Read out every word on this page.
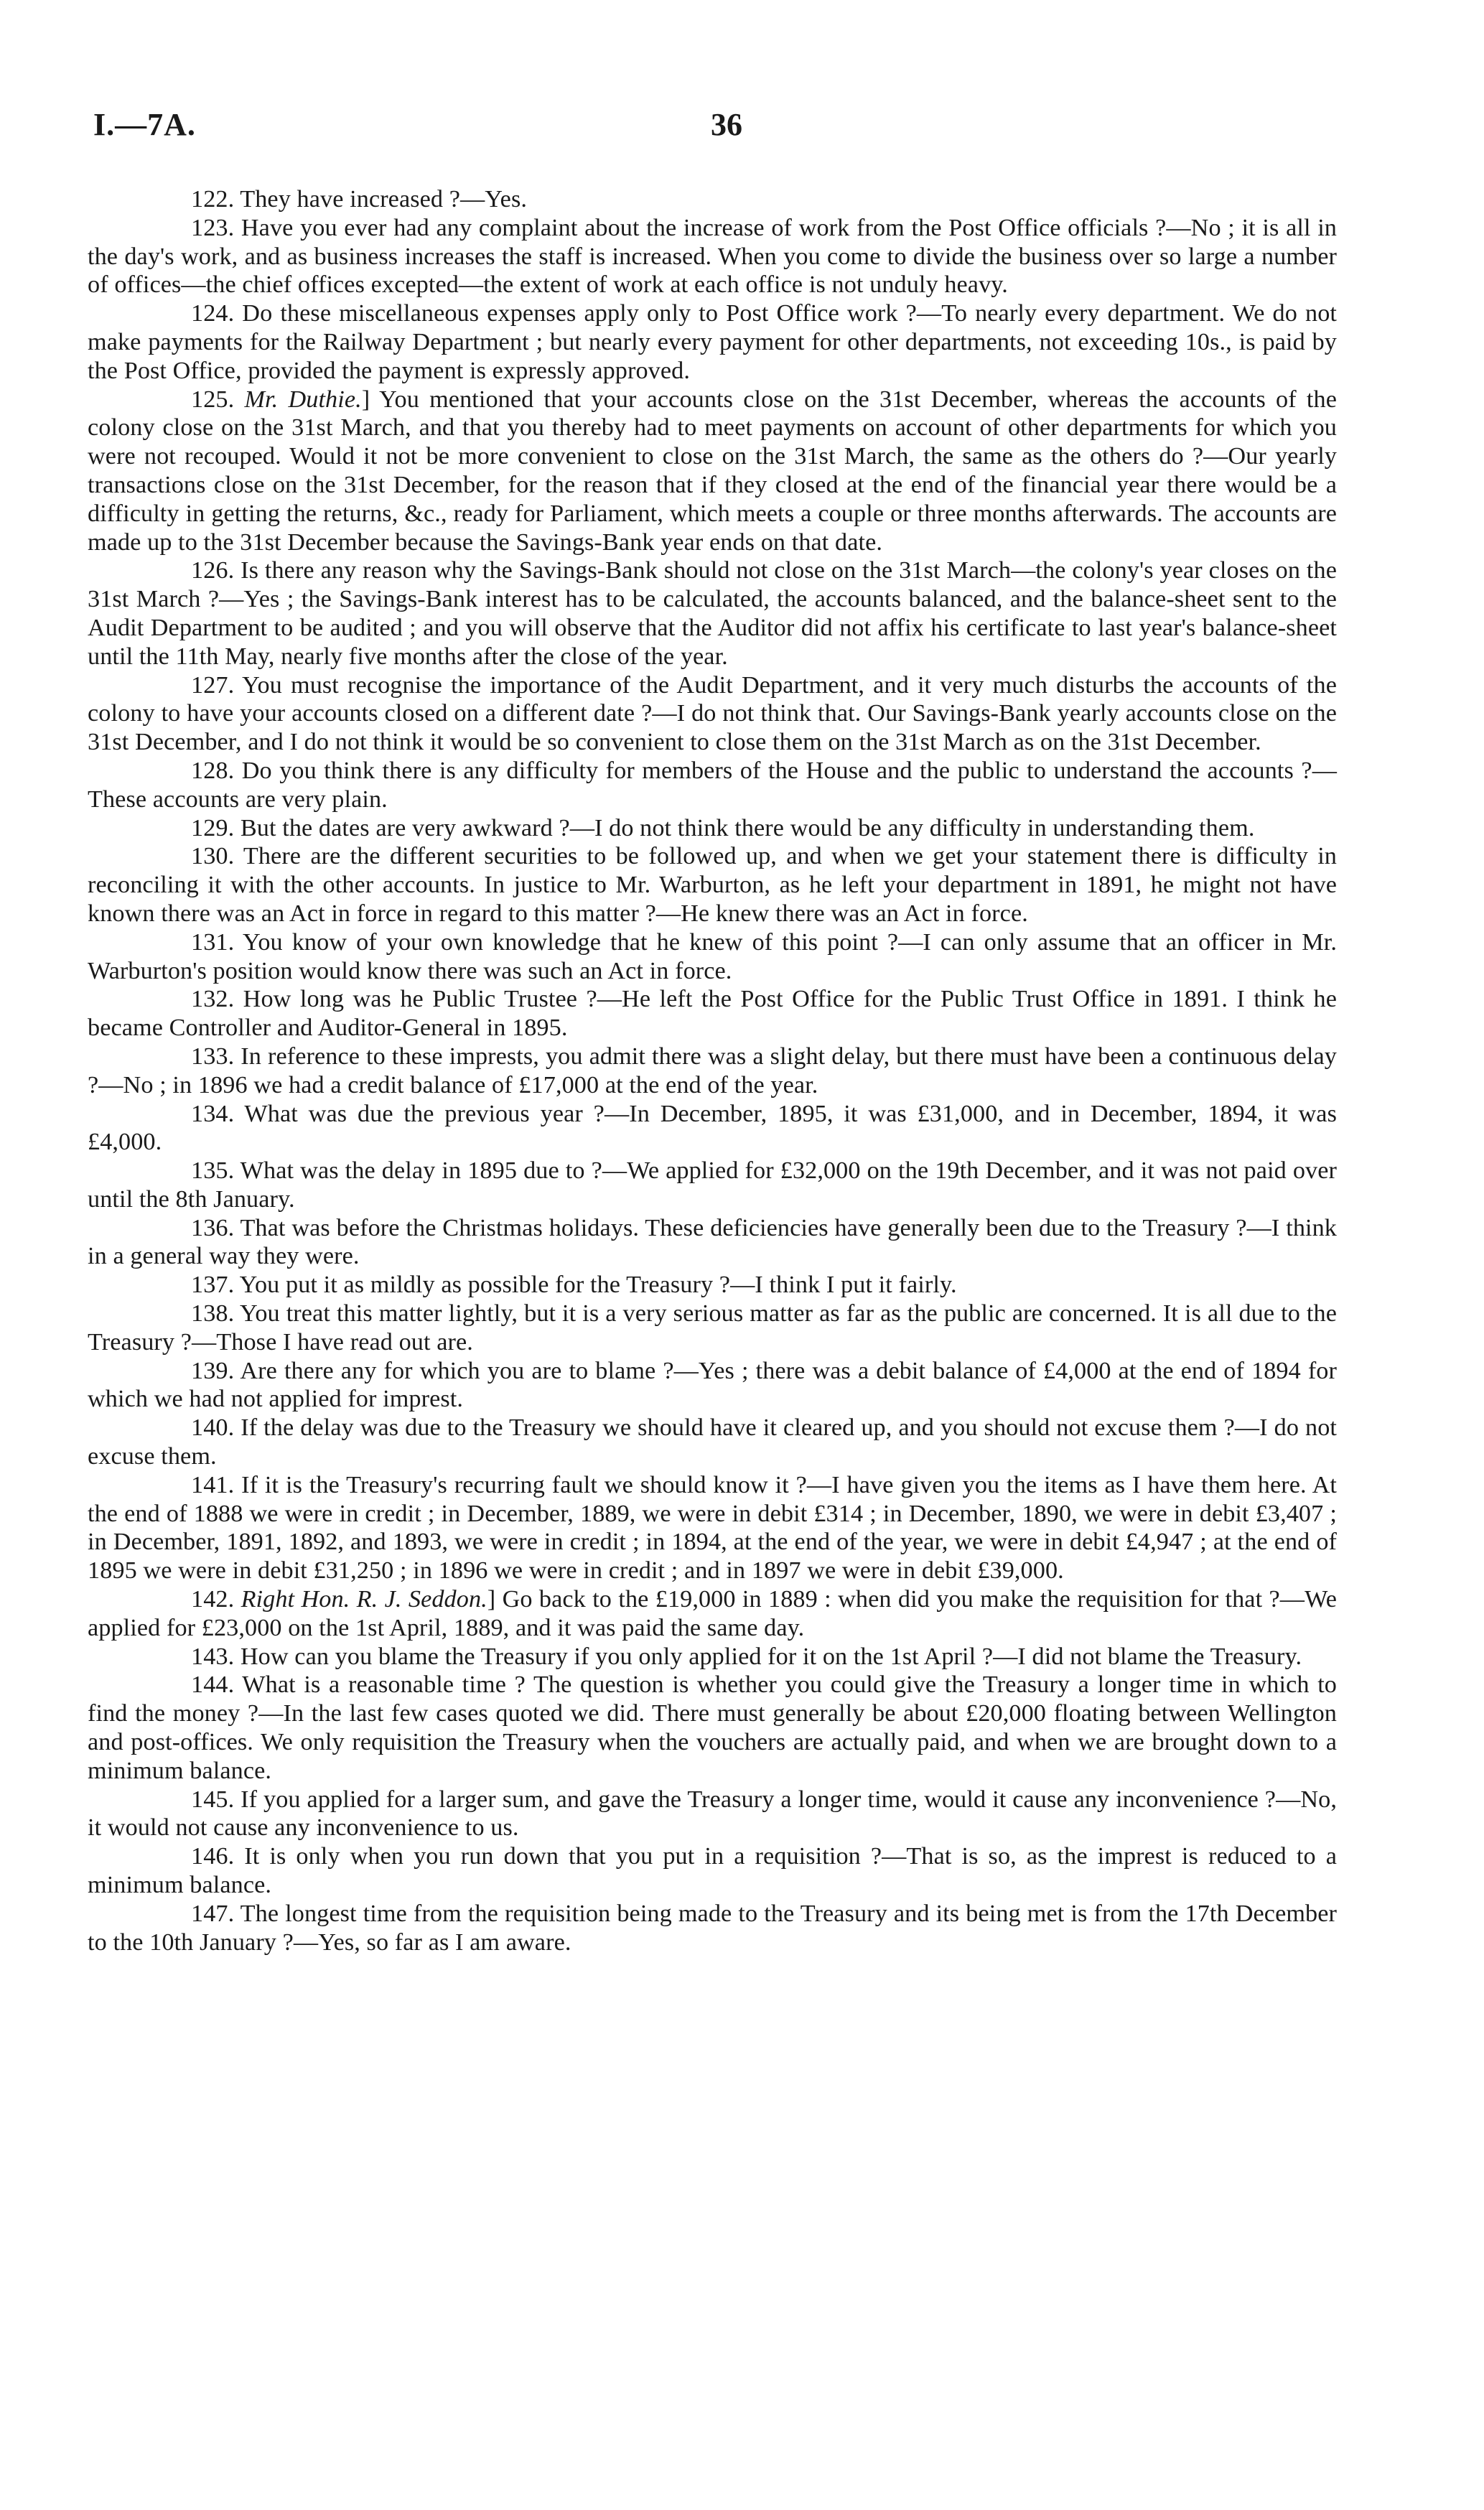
I.—7A.	36

122. They have increased ?—Yes.

123. Have you ever had any complaint about the increase of work from the Post Office officials ?—No ; it is all in the day's work, and as business increases the staff is increased. When you come to divide the business over so large a number of offices—the chief offices excepted—the extent of work at each office is not unduly heavy.

124. Do these miscellaneous expenses apply only to Post Office work ?—To nearly every department. We do not make payments for the Railway Department ; but nearly every payment for other departments, not exceeding 10s., is paid by the Post Office, provided the payment is expressly approved.

125. Mr. Duthie.] You mentioned that your accounts close on the 31st December, whereas the accounts of the colony close on the 31st March, and that you thereby had to meet payments on account of other departments for which you were not recouped. Would it not be more convenient to close on the 31st March, the same as the others do ?—Our yearly transactions close on the 31st December, for the reason that if they closed at the end of the financial year there would be a difficulty in getting the returns, &c., ready for Parliament, which meets a couple or three months afterwards. The accounts are made up to the 31st December because the Savings-Bank year ends on that date.

126. Is there any reason why the Savings-Bank should not close on the 31st March—the colony's year closes on the 31st March ?—Yes ; the Savings-Bank interest has to be calculated, the accounts balanced, and the balance-sheet sent to the Audit Department to be audited ; and you will observe that the Auditor did not affix his certificate to last year's balance-sheet until the 11th May, nearly five months after the close of the year.

127. You must recognise the importance of the Audit Department, and it very much disturbs the accounts of the colony to have your accounts closed on a different date ?—I do not think that. Our Savings-Bank yearly accounts close on the 31st December, and I do not think it would be so convenient to close them on the 31st March as on the 31st December.

128. Do you think there is any difficulty for members of the House and the public to understand the accounts ?—These accounts are very plain.

129. But the dates are very awkward ?—I do not think there would be any difficulty in understanding them.

130. There are the different securities to be followed up, and when we get your statement there is difficulty in reconciling it with the other accounts. In justice to Mr. Warburton, as he left your department in 1891, he might not have known there was an Act in force in regard to this matter ?—He knew there was an Act in force.

131. You know of your own knowledge that he knew of this point ?—I can only assume that an officer in Mr. Warburton's position would know there was such an Act in force.

132. How long was he Public Trustee ?—He left the Post Office for the Public Trust Office in 1891. I think he became Controller and Auditor-General in 1895.

133. In reference to these imprests, you admit there was a slight delay, but there must have been a continuous delay ?—No ; in 1896 we had a credit balance of £17,000 at the end of the year.

134. What was due the previous year ?—In December, 1895, it was £31,000, and in December, 1894, it was £4,000.

135. What was the delay in 1895 due to ?—We applied for £32,000 on the 19th December, and it was not paid over until the 8th January.

136. That was before the Christmas holidays. These deficiencies have generally been due to the Treasury ?—I think in a general way they were.

137. You put it as mildly as possible for the Treasury ?—I think I put it fairly.

138. You treat this matter lightly, but it is a very serious matter as far as the public are concerned. It is all due to the Treasury ?—Those I have read out are.

139. Are there any for which you are to blame ?—Yes ; there was a debit balance of £4,000 at the end of 1894 for which we had not applied for imprest.

140. If the delay was due to the Treasury we should have it cleared up, and you should not excuse them ?—I do not excuse them.

141. If it is the Treasury's recurring fault we should know it ?—I have given you the items as I have them here. At the end of 1888 we were in credit ; in December, 1889, we were in debit £314 ; in December, 1890, we were in debit £3,407 ; in December, 1891, 1892, and 1893, we were in credit ; in 1894, at the end of the year, we were in debit £4,947 ; at the end of 1895 we were in debit £31,250 ; in 1896 we were in credit ; and in 1897 we were in debit £39,000.

142. Right Hon. R. J. Seddon.] Go back to the £19,000 in 1889 : when did you make the requisition for that ?—We applied for £23,000 on the 1st April, 1889, and it was paid the same day.

143. How can you blame the Treasury if you only applied for it on the 1st April ?—I did not blame the Treasury.

144. What is a reasonable time ? The question is whether you could give the Treasury a longer time in which to find the money ?—In the last few cases quoted we did. There must generally be about £20,000 floating between Wellington and post-offices. We only requisition the Treasury when the vouchers are actually paid, and when we are brought down to a minimum balance.

145. If you applied for a larger sum, and gave the Treasury a longer time, would it cause any inconvenience ?—No, it would not cause any inconvenience to us.

146. It is only when you run down that you put in a requisition ?—That is so, as the imprest is reduced to a minimum balance.

147. The longest time from the requisition being made to the Treasury and its being met is from the 17th December to the 10th January ?—Yes, so far as I am aware.
